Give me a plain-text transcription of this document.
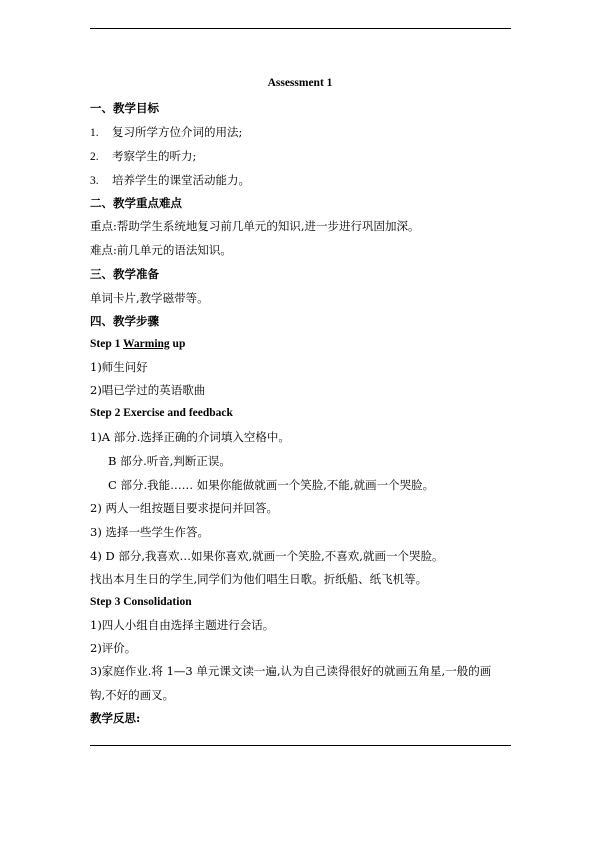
Assessment 1
一、教学目标
1. 复习所学方位介词的用法;
2. 考察学生的听力;
3. 培养学生的课堂活动能力。
二、教学重点难点
重点:帮助学生系统地复习前几单元的知识,进一步进行巩固加深。
难点:前几单元的语法知识。
三、教学准备
单词卡片,教学磁带等。
四、教学步骤
Step 1 Warming up
1)师生问好
2)唱已学过的英语歌曲
Step 2 Exercise and feedback
1)A 部分.选择正确的介词填入空格中。
B 部分.听音,判断正误。
C 部分.我能…… 如果你能做就画一个笑脸,不能,就画一个哭脸。
2) 两人一组按题目要求提问并回答。
3) 选择一些学生作答。
4) D 部分,我喜欢…如果你喜欢,就画一个笑脸,不喜欢,就画一个哭脸。
找出本月生日的学生,同学们为他们唱生日歌。折纸船、纸飞机等。
Step 3 Consolidation
1)四人小组自由选择主题进行会话。
2)评价。
3)家庭作业.将 1—3 单元课文读一遍,认为自己读得很好的就画五角星,一般的画
钩,不好的画叉。
教学反思:
